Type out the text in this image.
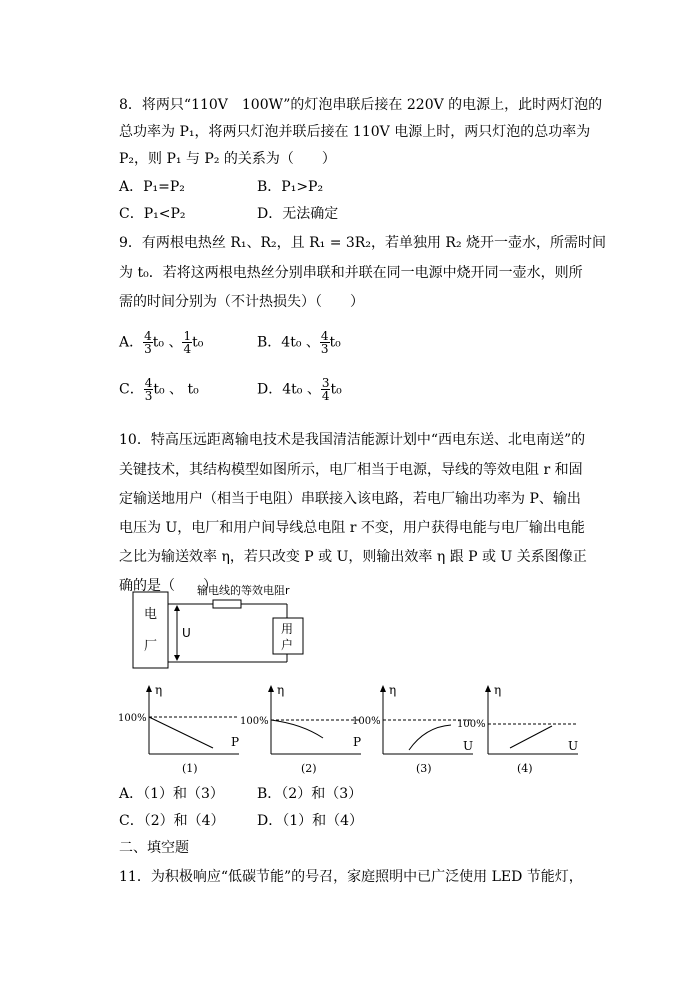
8．将两只“110V　100W”的灯泡串联后接在 220V 的电源上，此时两灯泡的
总功率为 P₁，将两只灯泡并联后接在 110V 电源上时，两只灯泡的总功率为
P₂，则 P₁ 与 P₂ 的关系为（　　）
A．P₁=P₂	B．P₁>P₂
C．P₁<P₂	D．无法确定
9．有两根电热丝 R₁、R₂，且 R₁ = 3R₂，若单独用 R₂ 烧开一壶水，所需时间
为 t₀．若将这两根电热丝分别串联和并联在同一电源中烧开同一壶水，则所
需的时间分别为（不计热损失）（　　）
A． $\frac{4}{3} t_0$ 、 $\frac{1}{4} t_0$	B．4t₀ 、 $\frac{4}{3} t_0$
C． $\frac{4}{3} t_0$ 、 t₀	D．4t₀ 、 $\frac{3}{4} t_0$
10．特高压远距离输电技术是我国清洁能源计划中“西电东送、北电南送”的
关键技术，其结构模型如图所示，电厂相当于电源，导线的等效电阻 r 和固
定输送地用户（相当于电阻）串联接入该电路，若电厂输出功率为 P、输出
电压为 U，电厂和用户间导线总电阻 r 不变，用户获得电能与电厂输出电能
之比为输送效率 η，若只改变 P 或 U，则输出效率 η 跟 P 或 U 关系图像正
确的是（　　）
电
厂
输电线的等效电阻r
用
户
U
η
100%
P
(1)
η
100%
P
(2)
η
100%
U
(3)
η
100%
U
(4)
A．（1）和（3） B．（2）和（3）
C．（2）和（4） D．（1）和（4）
二、填空题
11．为积极响应“低碳节能”的号召，家庭照明中已广泛使用 LED 节能灯，
